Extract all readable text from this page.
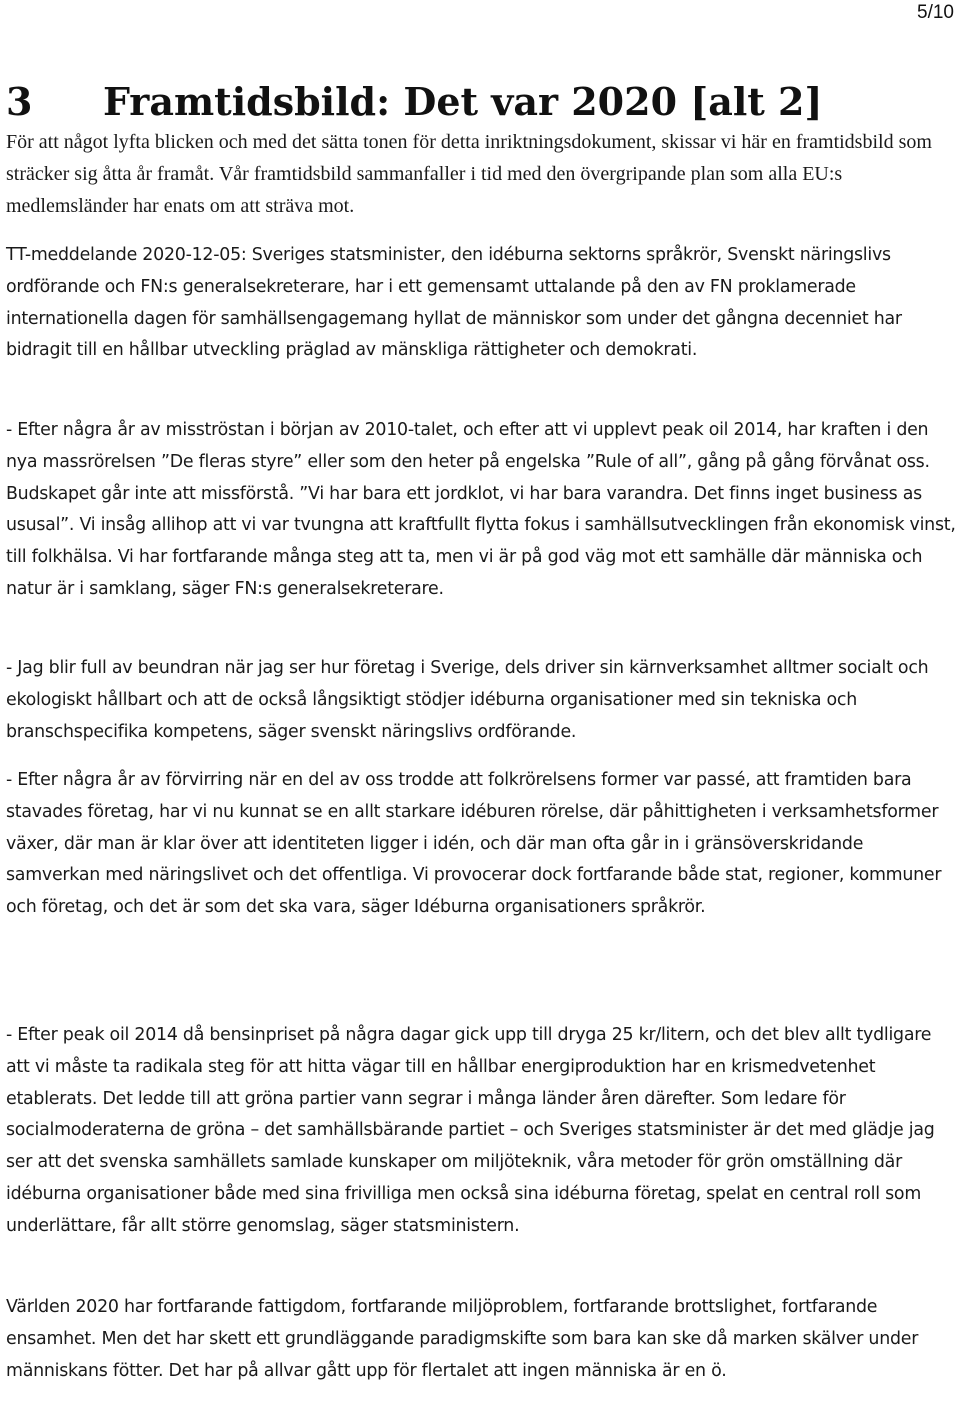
5/10
3 Framtidsbild: Det var 2020 [alt 2]

För att något lyfta blicken och med det sätta tonen för detta inriktningsdokument, skissar vi här en framtidsbild som sträcker sig åtta år framåt. Vår framtidsbild sammanfaller i tid med den övergripande plan som alla EU:s medlemsländer har enats om att sträva mot.

TT-meddelande 2020-12-05: Sveriges statsminister, den idéburna sektorns språkrör, Svenskt näringslivs ordförande och FN:s generalsekreterare, har i ett gemensamt uttalande på den av FN proklamerade internationella dagen för samhällsengagemang hyllat de människor som under det gångna decenniet har bidragit till en hållbar utveckling präglad av mänskliga rättigheter och demokrati.

- Efter några år av misströstan i början av 2010-talet, och efter att vi upplevt peak oil 2014, har kraften i den nya massrörelsen ”De fleras styre” eller som den heter på engelska ”Rule of all”, gång på gång förvånat oss. Budskapet går inte att missförstå. ”Vi har bara ett jordklot, vi har bara varandra. Det finns inget business as ususal”. Vi insåg allihop att vi var tvungna att kraftfullt flytta fokus i samhällsutvecklingen från ekonomisk vinst, till folkhälsa. Vi har fortfarande många steg att ta, men vi är på god väg mot ett samhälle där människa och natur är i samklang, säger FN:s generalsekreterare.

- Jag blir full av beundran när jag ser hur företag i Sverige, dels driver sin kärnverksamhet alltmer socialt och ekologiskt hållbart och att de också långsiktigt stödjer idéburna organisationer med sin tekniska och branschspecifika kompetens, säger svenskt näringslivs ordförande.

- Efter några år av förvirring när en del av oss trodde att folkrörelsens former var passé, att framtiden bara stavades företag, har vi nu kunnat se en allt starkare idéburen rörelse, där påhittigheten i verksamhetsformer växer, där man är klar över att identiteten ligger i idén, och där man ofta går in i gränsöverskridande samverkan med näringslivet och det offentliga. Vi provocerar dock fortfarande både stat, regioner, kommuner och företag, och det är som det ska vara, säger Idéburna organisationers språkrör.

- Efter peak oil 2014 då bensinpriset på några dagar gick upp till dryga 25 kr/litern, och det blev allt tydligare att vi måste ta radikala steg för att hitta vägar till en hållbar energiproduktion har en krismedvetenhet etablerats. Det ledde till att gröna partier vann segrar i många länder åren därefter. Som ledare för socialmoderaterna de gröna – det samhällsbärande partiet – och Sveriges statsminister är det med glädje jag ser att det svenska samhällets samlade kunskaper om miljöteknik, våra metoder för grön omställning där idéburna organisationer både med sina frivilliga men också sina idéburna företag, spelat en central roll som underlättare, får allt större genomslag, säger statsministern.

Världen 2020 har fortfarande fattigdom, fortfarande miljöproblem, fortfarande brottslighet, fortfarande ensamhet. Men det har skett ett grundläggande paradigmskifte som bara kan ske då marken skälver under människans fötter. Det har på allvar gått upp för flertalet att ingen människa är en ö.
